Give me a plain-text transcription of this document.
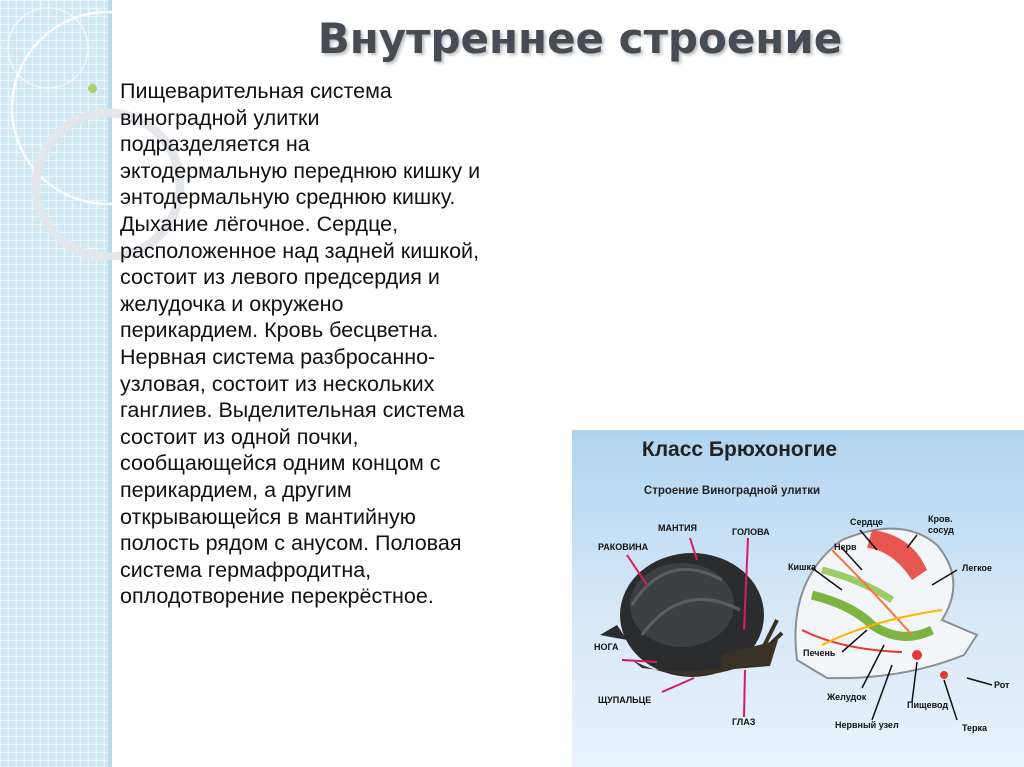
Внутреннее строение

Пищеварительная система
виноградной улитки
подразделяется на
эктодермальную переднюю кишку и
энтодермальную среднюю кишку.
Дыхание лёгочное. Сердце,
расположенное над задней кишкой,
состоит из левого предсердия и
желудочка и окружено
перикардием. Кровь бесцветна.
Нервная система разбросанно-
узловая, состоит из нескольких
ганглиев. Выделительная система
состоит из одной почки,
сообщающейся одним концом с
перикардием, а другим
открывающейся в мантийную
полость рядом с анусом. Половая
система гермафродитна,
оплодотворение перекрёстное.

Класс Брюхоногие
Строение Виноградной улитки
МАНТИЯ	ГОЛОВА
РАКОВИНА
НОГА
ЩУПАЛЬЦЕ
ГЛАЗ
Сердце	Кров.
сосуд
Нерв
Кишка	Легкое
Печень
Желудок
Рот
Пищевод
Нервный узел	Терка
